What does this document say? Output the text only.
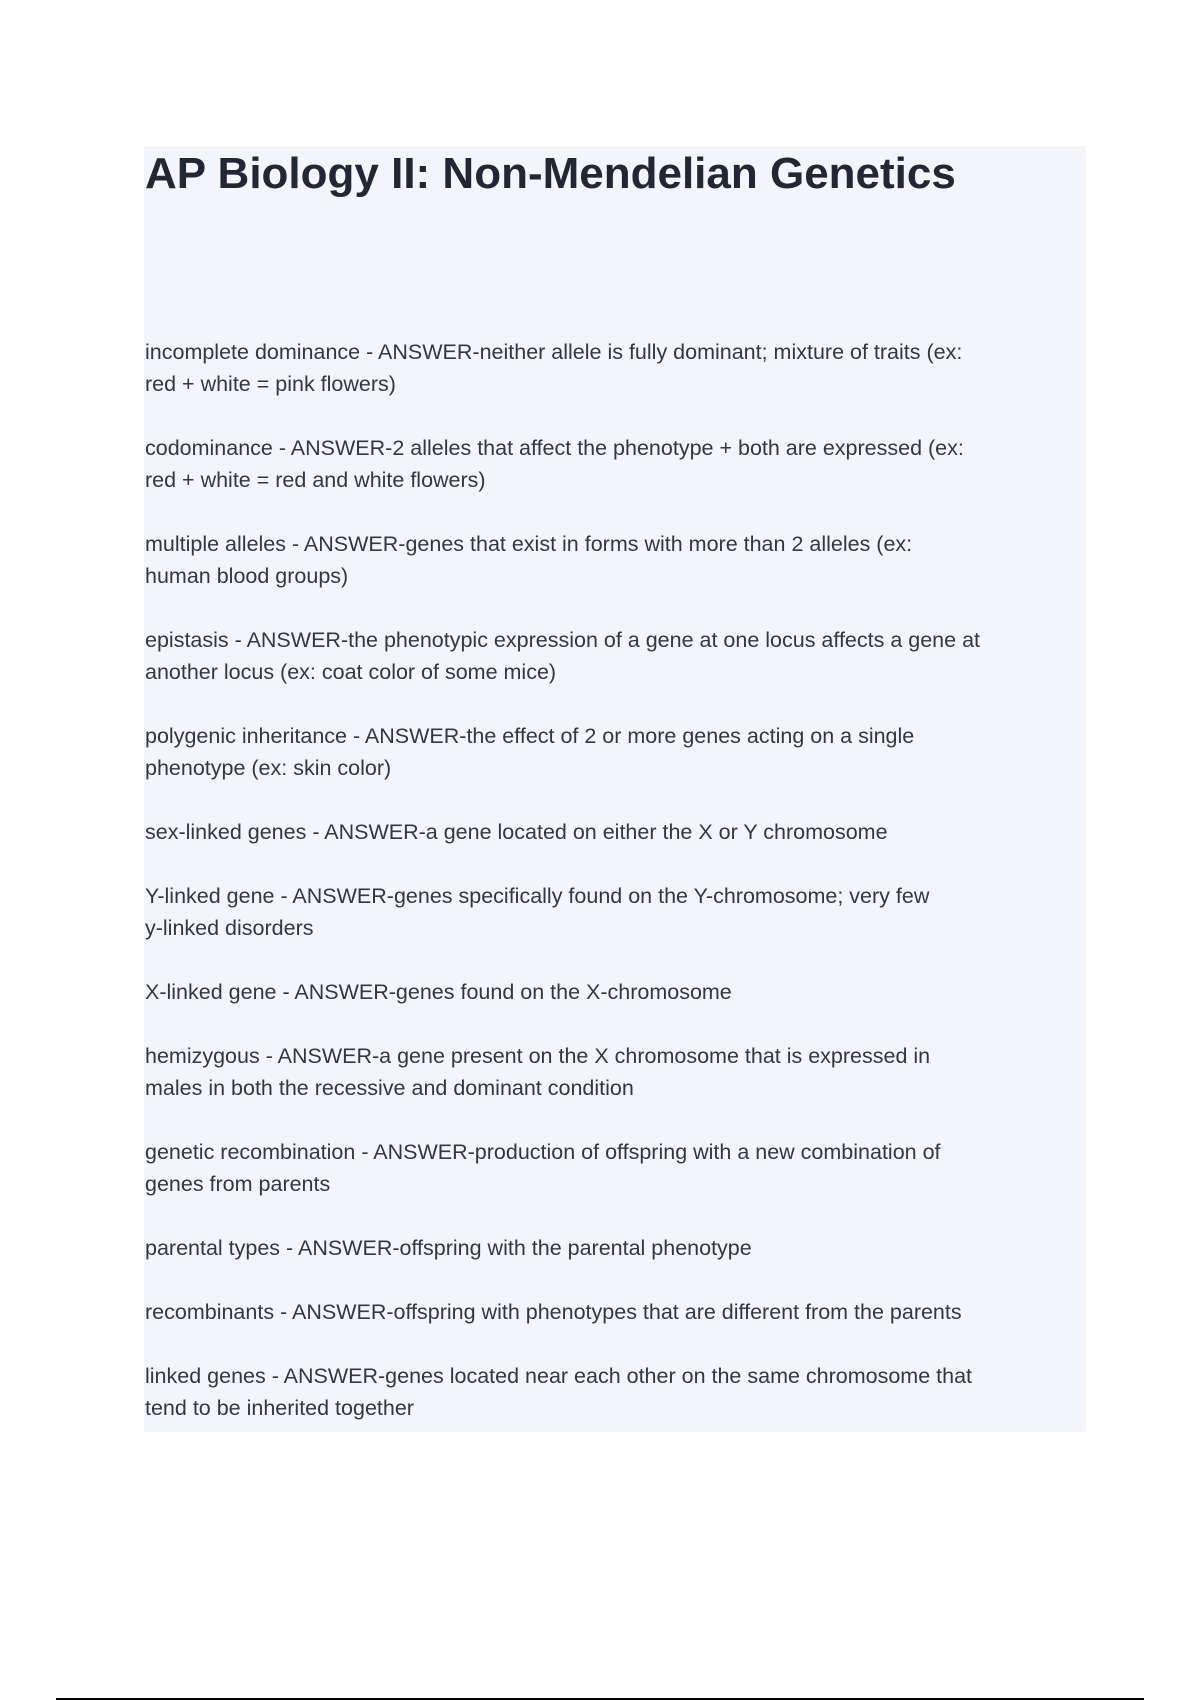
AP Biology II: Non-Mendelian Genetics
incomplete dominance - ANSWER-neither allele is fully dominant; mixture of traits (ex:
red + white = pink flowers)
codominance - ANSWER-2 alleles that affect the phenotype + both are expressed (ex:
red + white = red and white flowers)
multiple alleles - ANSWER-genes that exist in forms with more than 2 alleles (ex:
human blood groups)
epistasis - ANSWER-the phenotypic expression of a gene at one locus affects a gene at
another locus (ex: coat color of some mice)
polygenic inheritance - ANSWER-the effect of 2 or more genes acting on a single
phenotype (ex: skin color)
sex-linked genes - ANSWER-a gene located on either the X or Y chromosome
Y-linked gene - ANSWER-genes specifically found on the Y-chromosome; very few
y-linked disorders
X-linked gene - ANSWER-genes found on the X-chromosome
hemizygous - ANSWER-a gene present on the X chromosome that is expressed in
males in both the recessive and dominant condition
genetic recombination - ANSWER-production of offspring with a new combination of
genes from parents
parental types - ANSWER-offspring with the parental phenotype
recombinants - ANSWER-offspring with phenotypes that are different from the parents
linked genes - ANSWER-genes located near each other on the same chromosome that
tend to be inherited together
